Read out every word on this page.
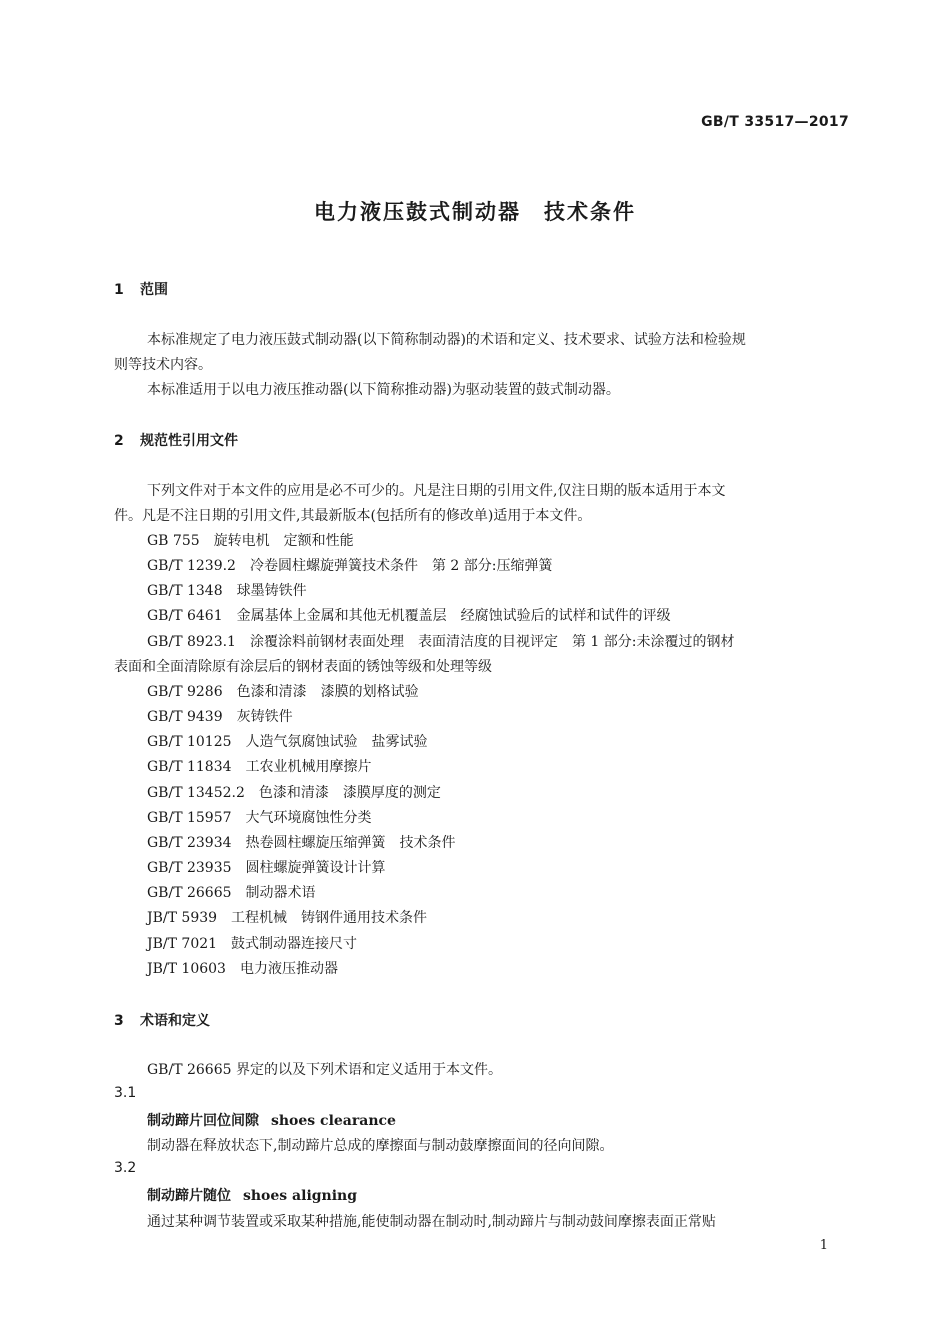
GB/T 33517—2017
电力液压鼓式制动器　技术条件
1 范围
本标准规定了电力液压鼓式制动器(以下简称制动器)的术语和定义、技术要求、试验方法和检验规
则等技术内容。
本标准适用于以电力液压推动器(以下简称推动器)为驱动装置的鼓式制动器。
2 规范性引用文件
下列文件对于本文件的应用是必不可少的。凡是注日期的引用文件,仅注日期的版本适用于本文
件。凡是不注日期的引用文件,其最新版本(包括所有的修改单)适用于本文件。
GB 755　旋转电机　定额和性能
GB/T 1239.2　冷卷圆柱螺旋弹簧技术条件　第 2 部分:压缩弹簧
GB/T 1348　球墨铸铁件
GB/T 6461　金属基体上金属和其他无机覆盖层　经腐蚀试验后的试样和试件的评级
GB/T 8923.1　涂覆涂料前钢材表面处理　表面清洁度的目视评定　第 1 部分:未涂覆过的钢材
表面和全面清除原有涂层后的钢材表面的锈蚀等级和处理等级
GB/T 9286　色漆和清漆　漆膜的划格试验
GB/T 9439　灰铸铁件
GB/T 10125　人造气氛腐蚀试验　盐雾试验
GB/T 11834　工农业机械用摩擦片
GB/T 13452.2　色漆和清漆　漆膜厚度的测定
GB/T 15957　大气环境腐蚀性分类
GB/T 23934　热卷圆柱螺旋压缩弹簧　技术条件
GB/T 23935　圆柱螺旋弹簧设计计算
GB/T 26665　制动器术语
JB/T 5939　工程机械　铸钢件通用技术条件
JB/T 7021　鼓式制动器连接尺寸
JB/T 10603　电力液压推动器
3 术语和定义
GB/T 26665 界定的以及下列术语和定义适用于本文件。
3.1
制动蹄片回位间隙 shoes clearance
制动器在释放状态下,制动蹄片总成的摩擦面与制动鼓摩擦面间的径向间隙。
3.2
制动蹄片随位 shoes aligning
通过某种调节装置或采取某种措施,能使制动器在制动时,制动蹄片与制动鼓间摩擦表面正常贴
1
